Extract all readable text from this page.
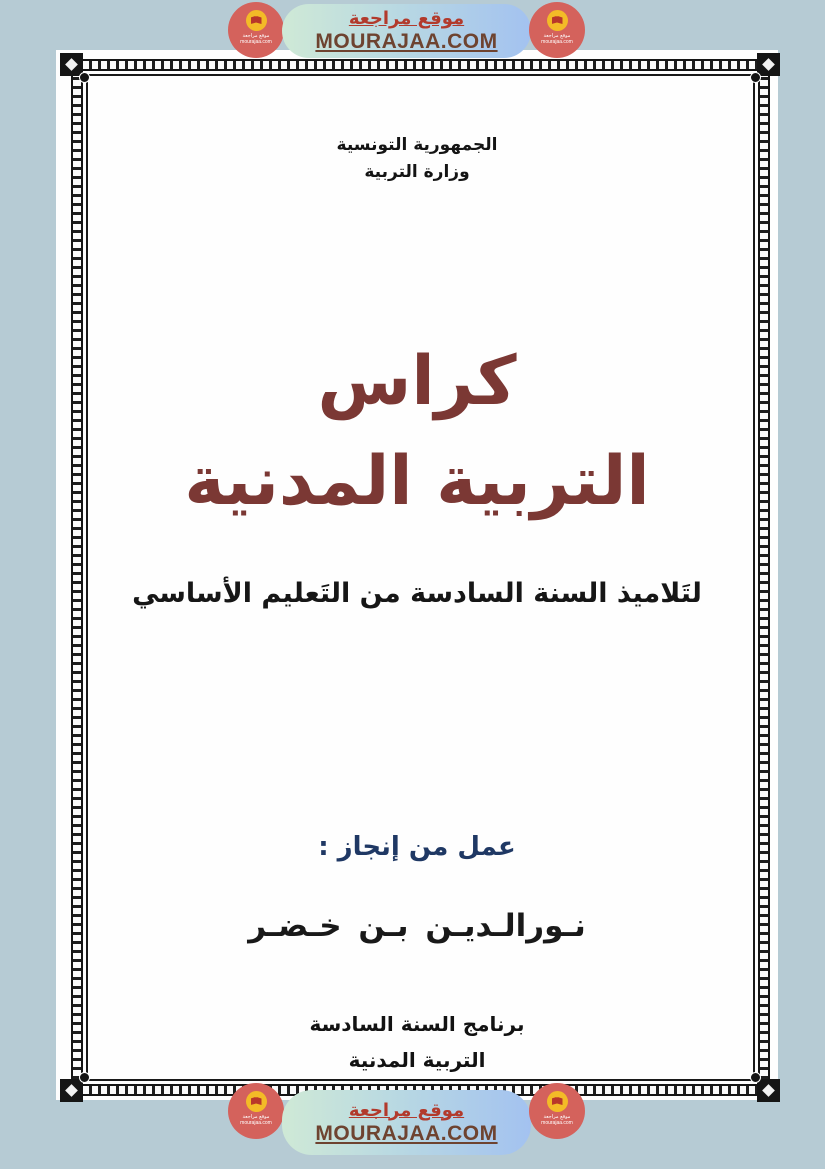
الجمهورية التونسية
وزارة التربية
كراس
التربية المدنية
لتَلاميذ السنة السادسة من التَعليم الأساسي
عمل من إنجاز :
نـورالـديـن بـن خـضـر
برنامج السنة السادسة
التربية المدنية
موقع مراجعة
mourajaa.com
موقع مراجعة
MOURAJAA.COM	موقع مراجعة
mourajaa.com
موقع مراجعة
mourajaa.com
موقع مراجعة
MOURAJAA.COM
موقع مراجعة
mourajaa.com
